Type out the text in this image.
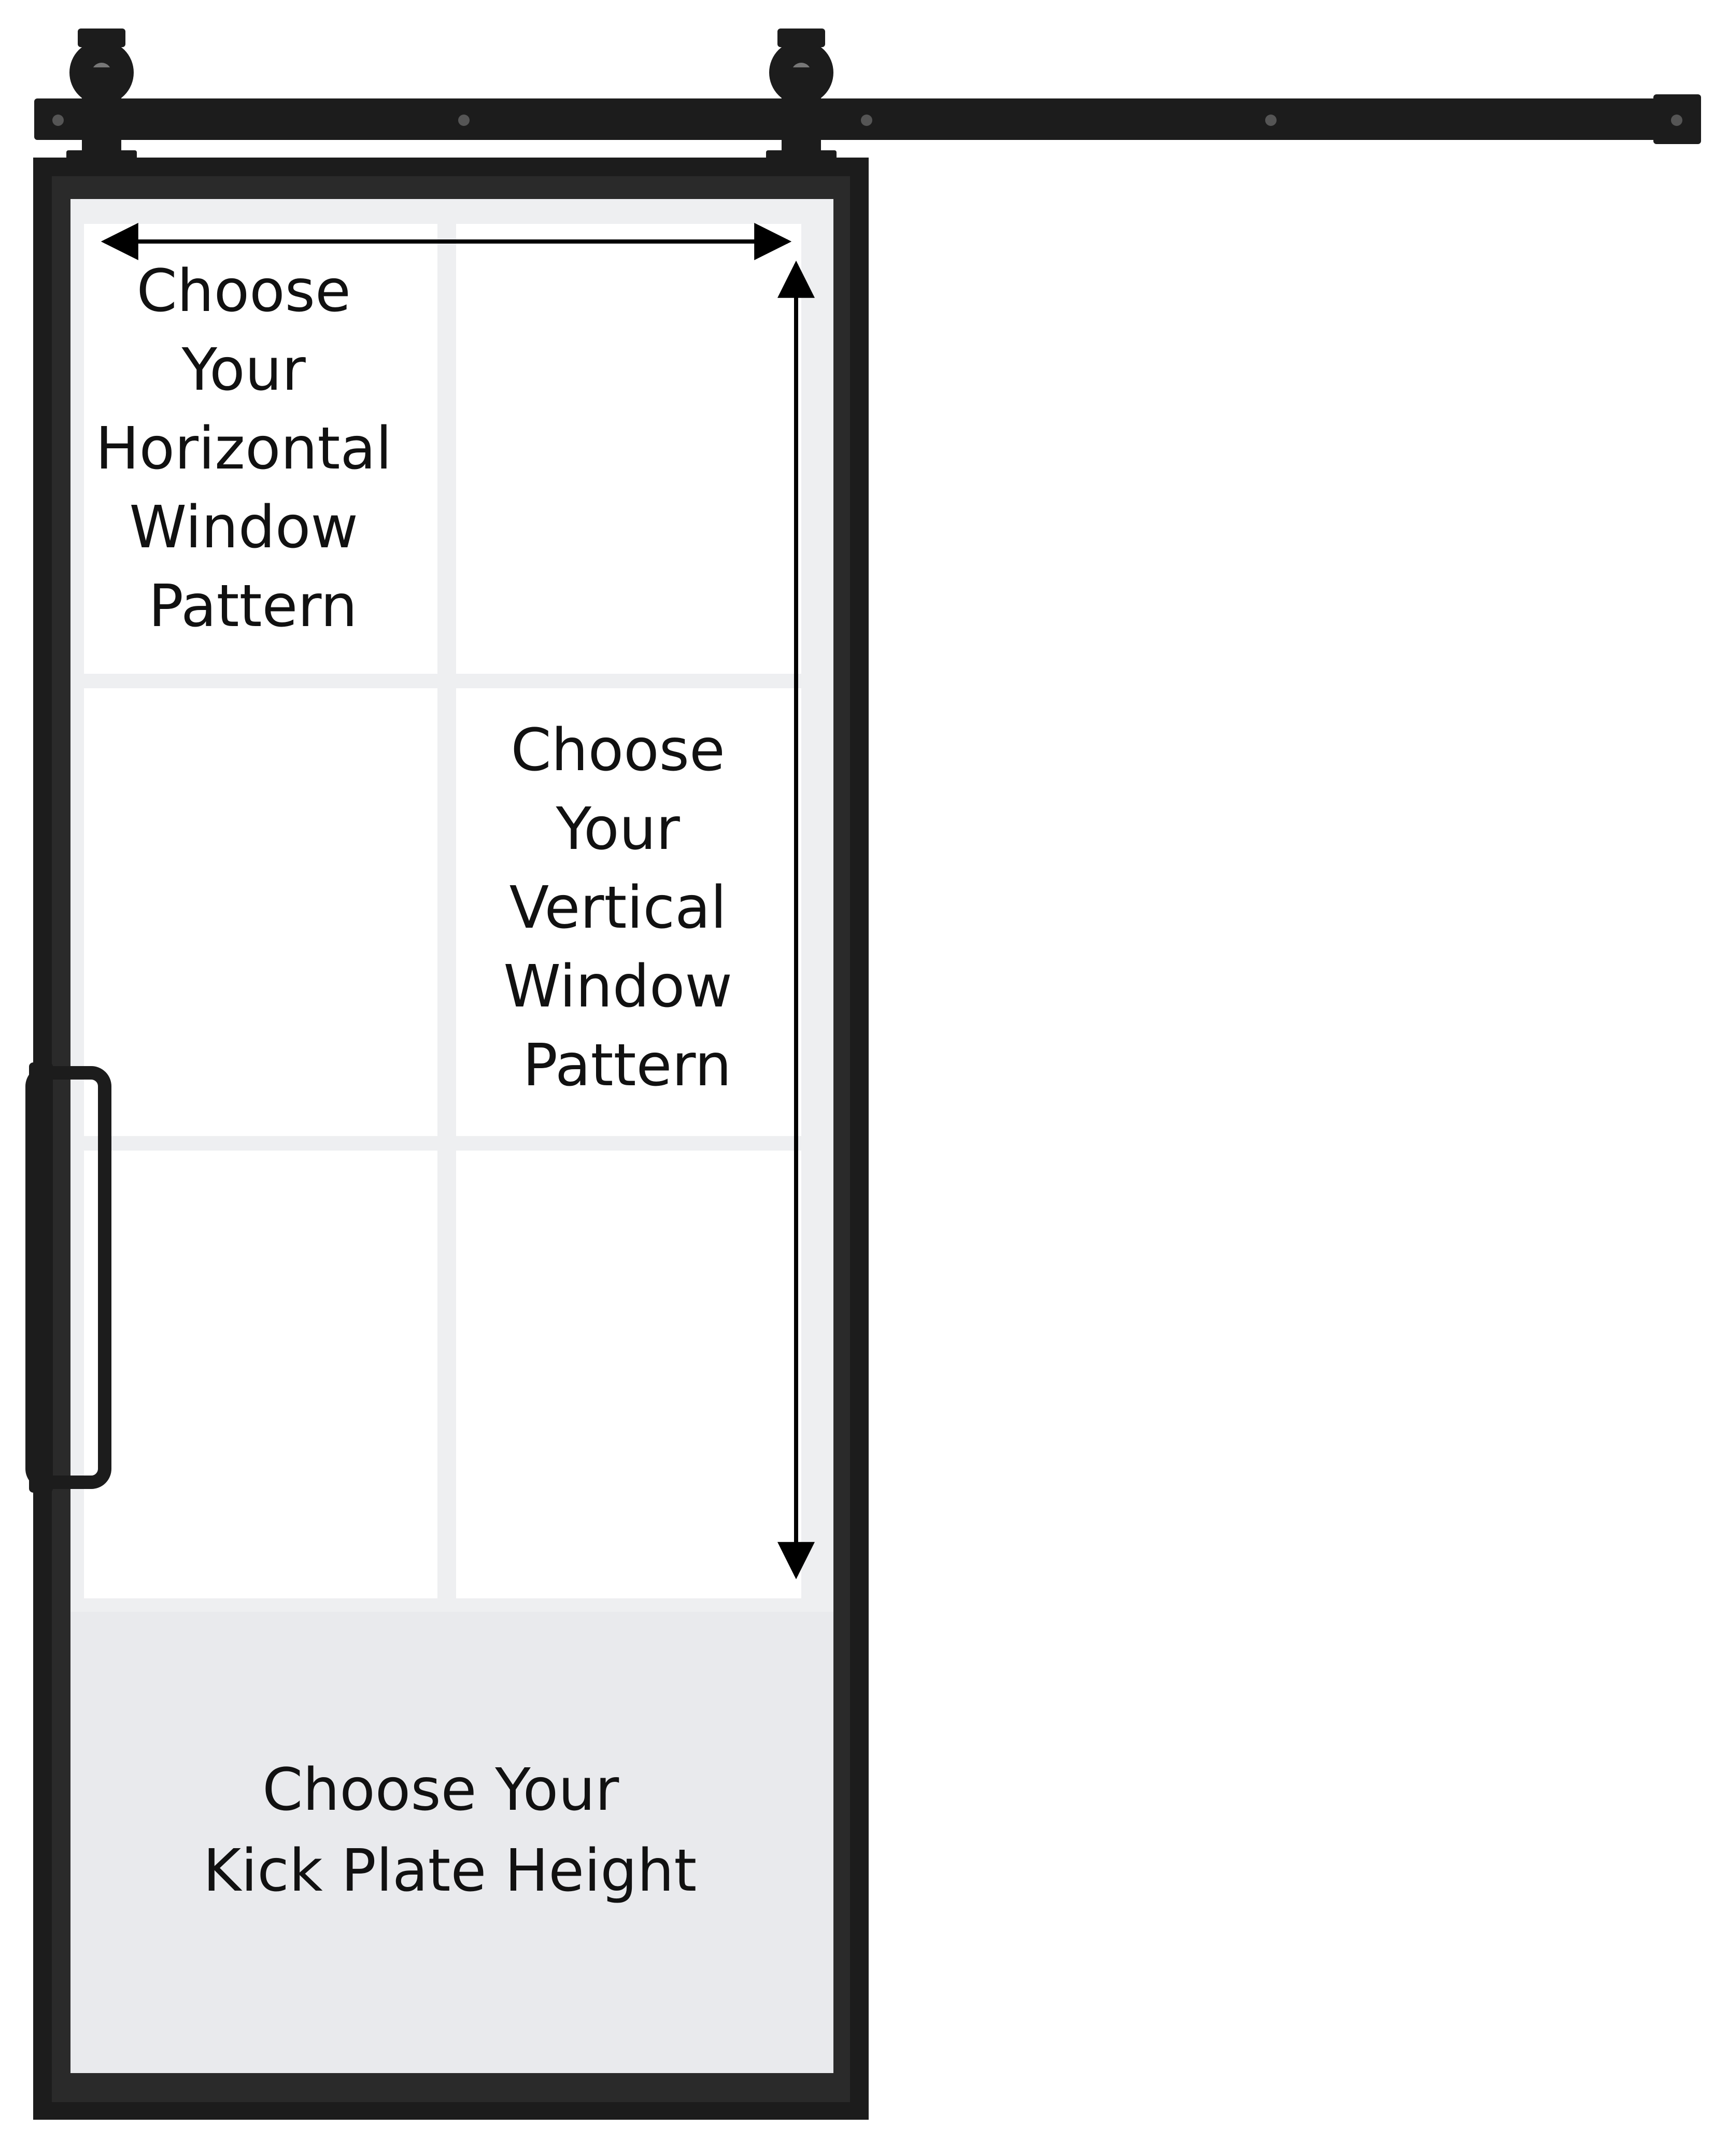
Choose Your Horizontal Window Pattern
Choose Your Vertical Window Pattern
Choose Your Kick Plate Height
